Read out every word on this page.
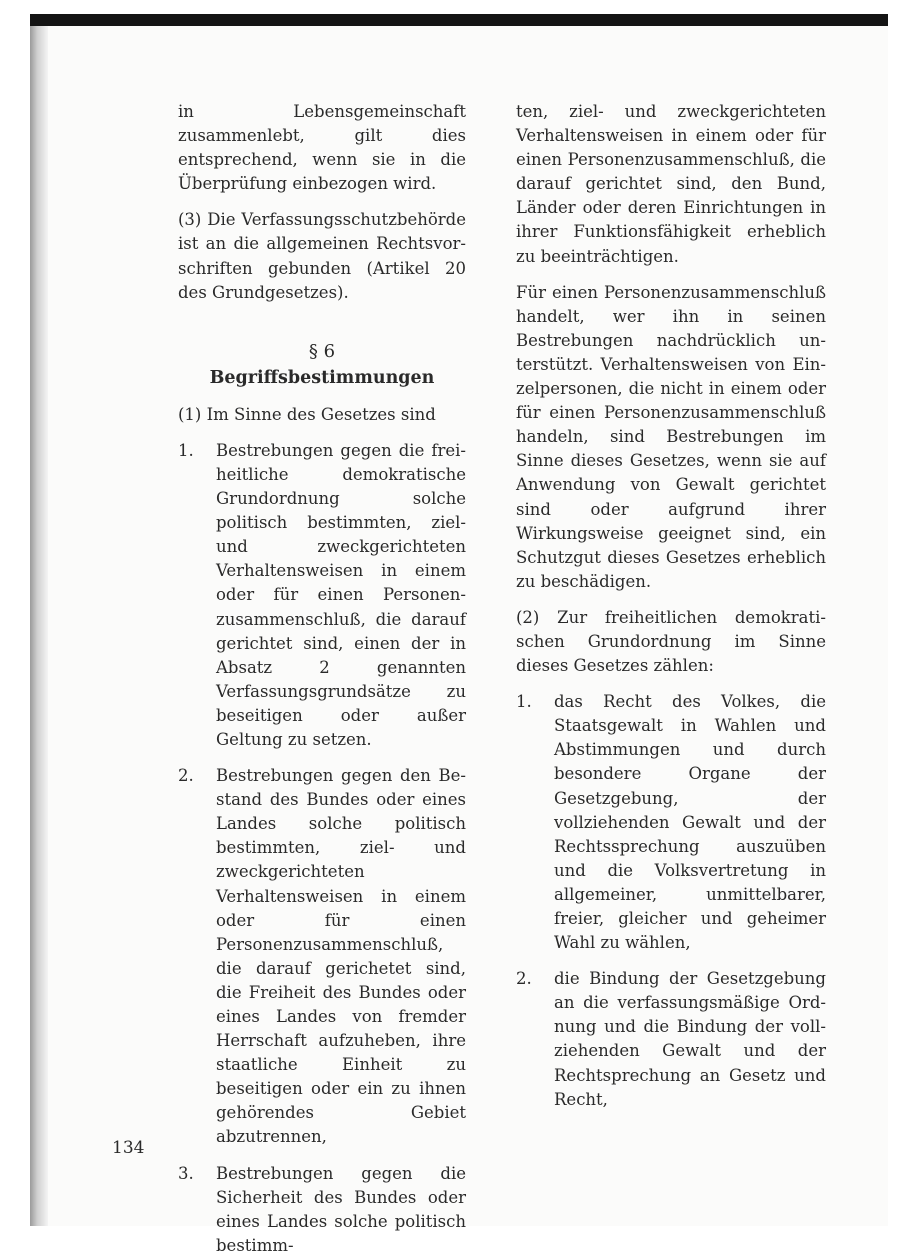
in Lebensgemeinschaft zusammenlebt, gilt dies entsprechend, wenn sie in die Überprüfung einbezogen wird.

(3) Die Verfassungsschutzbehörde ist an die allgemeinen Rechtsvorschriften gebunden (Artikel 20 des Grundgesetzes).

§ 6
Begriffsbestimmungen

(1) Im Sinne des Gesetzes sind

1. Bestrebungen gegen die freiheitliche demokratische Grundordnung solche politisch bestimmten, ziel- und zweckgerichteten Verhaltensweisen in einem oder für einen Personenzusammenschluß, die darauf gerichtet sind, einen der in Absatz 2 genannten Verfassungsgrundsätze zu beseitigen oder außer Geltung zu setzen.

2. Bestrebungen gegen den Bestand des Bundes oder eines Landes solche politisch bestimmten, ziel- und zweckgerichteten Verhaltensweisen in einem oder für einen Personenzusammenschluß, die darauf gerichetet sind, die Freiheit des Bundes oder eines Landes von fremder Herrschaft aufzuheben, ihre staatliche Einheit zu beseitigen oder ein zu ihnen gehörendes Gebiet abzutrennen,

3. Bestrebungen gegen die Sicherheit des Bundes oder eines Landes solche politisch bestimm-

ten, ziel- und zweckgerichteten Verhaltensweisen in einem oder für einen Personenzusammenschluß, die darauf gerichtet sind, den Bund, Länder oder deren Einrichtungen in ihrer Funktionsfähigkeit erheblich zu beeinträchtigen.

Für einen Personenzusammenschluß handelt, wer ihn in seinen Bestrebungen nachdrücklich unterstützt. Verhaltensweisen von Einzelpersonen, die nicht in einem oder für einen Personenzusammenschluß handeln, sind Bestrebungen im Sinne dieses Gesetzes, wenn sie auf Anwendung von Gewalt gerichtet sind oder aufgrund ihrer Wirkungsweise geeignet sind, ein Schutzgut dieses Gesetzes erheblich zu beschädigen.

(2) Zur freiheitlichen demokratischen Grundordnung im Sinne dieses Gesetzes zählen:

1. das Recht des Volkes, die Staatsgewalt in Wahlen und Abstimmungen und durch besondere Organe der Gesetzgebung, der vollziehenden Gewalt und der Rechtssprechung auszuüben und die Volksvertretung in allgemeiner, unmittelbarer, freier, gleicher und geheimer Wahl zu wählen,

2. die Bindung der Gesetzgebung an die verfassungsmäßige Ordnung und die Bindung der vollziehenden Gewalt und der Rechtsprechung an Gesetz und Recht,

134
